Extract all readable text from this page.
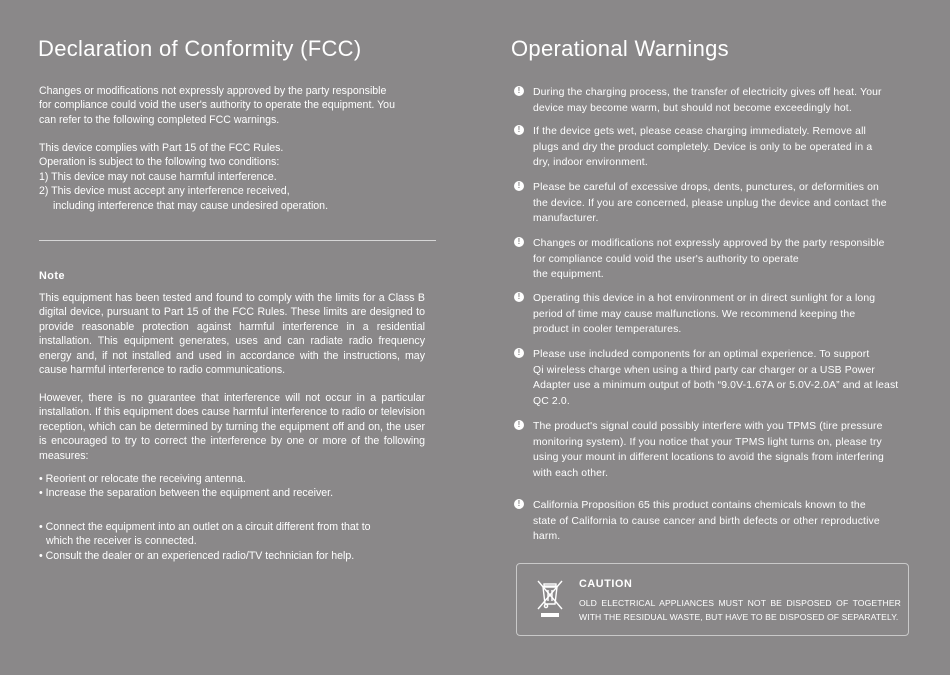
Declaration of Conformity (FCC)

Changes or modifications not expressly approved by the party responsible
for compliance could void the user's authority to operate the equipment. You
can refer to the following completed FCC warnings.

This device complies with Part 15 of the FCC Rules.
Operation is subject to the following two conditions:
1) This device may not cause harmful interference.
2) This device must accept any interference received,
including interference that may cause undesired operation.

Note

This equipment has been tested and found to comply with the limits for a Class B digital device, pursuant to Part 15 of the FCC Rules. These limits are designed to provide reasonable protection against harmful interference in a residential installation. This equipment generates, uses and can radiate radio frequency energy and, if not installed and used in accordance with the instructions, may cause harmful interference to radio communications.

However, there is no guarantee that interference will not occur in a particular installation. If this equipment does cause harmful interference to radio or television reception, which can be determined by turning the equipment off and on, the user is encouraged to try to correct the interference by one or more of the following measures:

• Reorient or relocate the receiving antenna.
• Increase the separation between the equipment and receiver.

• Connect the equipment into an outlet on a circuit different from that to
which the receiver is connected.
• Consult the dealer or an experienced radio/TV technician for help.

Operational Warnings
!	During the charging process, the transfer of electricity gives off heat. Your
device may become warm, but should not become exceedingly hot.

!	If the device gets wet, please cease charging immediately. Remove all
plugs and dry the product completely. Device is only to be operated in a
dry, indoor environment.

!	Please be careful of excessive drops, dents, punctures, or deformities on
the device. If you are concerned, please unplug the device and contact the
manufacturer.

!	Changes or modifications not expressly approved by the party responsible
for compliance could void the user's authority to operate
the equipment.

!	Operating this device in a hot environment or in direct sunlight for a long
period of time may cause malfunctions. We recommend keeping the
product in cooler temperatures.

!	Please use included components for an optimal experience. To support
Qi wireless charge when using a third party car charger or a USB Power
Adapter use a minimum output of both “9.0V-1.67A or 5.0V-2.0A” and at least
QC 2.0.

!	The product's signal could possibly interfere with you TPMS (tire pressure
monitoring system). If you notice that your TPMS light turns on, please try
using your mount in different locations to avoid the signals from interfering
with each other.

!	California Proposition 65 this product contains chemicals known to the
state of California to cause cancer and birth defects or other reproductive
harm.

CAUTION

OLD ELECTRICAL APPLIANCES MUST NOT BE DISPOSED OF TOGETHER WITH THE RESIDUAL WASTE, BUT HAVE TO BE DISPOSED OF SEPARATELY.
